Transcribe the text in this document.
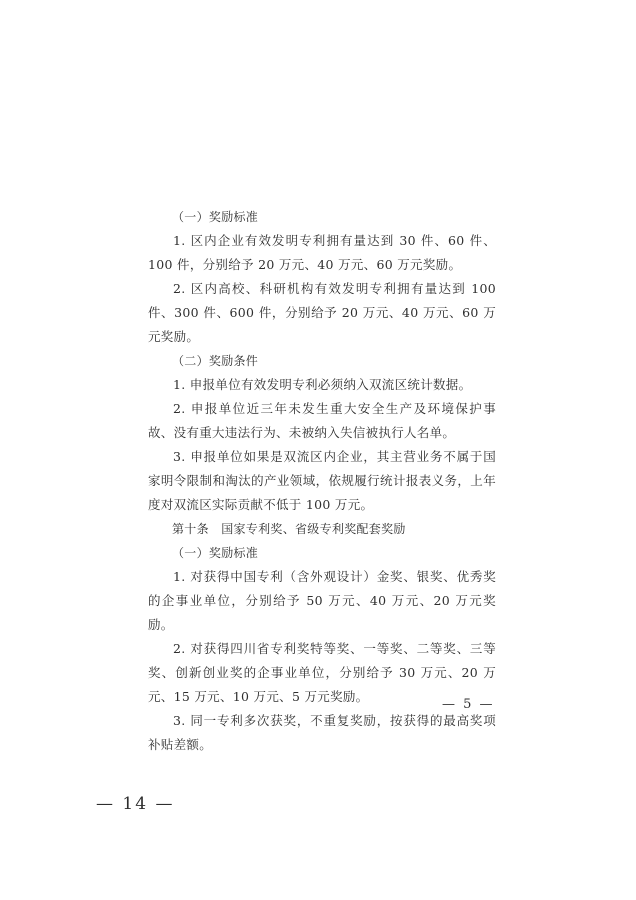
（一）奖励标准

1. 区内企业有效发明专利拥有量达到 30 件、60 件、100 件，分别给予 20 万元、40 万元、60 万元奖励。

2. 区内高校、科研机构有效发明专利拥有量达到 100 件、300 件、600 件，分别给予 20 万元、40 万元、60 万元奖励。

（二）奖励条件

1. 申报单位有效发明专利必须纳入双流区统计数据。

2. 申报单位近三年未发生重大安全生产及环境保护事故、没有重大违法行为、未被纳入失信被执行人名单。

3. 申报单位如果是双流区内企业，其主营业务不属于国家明令限制和淘汰的产业领域，依规履行统计报表义务，上年度对双流区实际贡献不低于 100 万元。

第十条　国家专利奖、省级专利奖配套奖励

（一）奖励标准

1. 对获得中国专利（含外观设计）金奖、银奖、优秀奖的企事业单位，分别给予 50 万元、40 万元、20 万元奖励。

2. 对获得四川省专利奖特等奖、一等奖、二等奖、三等奖、创新创业奖的企事业单位，分别给予 30 万元、20 万元、15 万元、10 万元、5 万元奖励。

3. 同一专利多次获奖，不重复奖励，按获得的最高奖项补贴差额。

— 5 —
— 14 —
